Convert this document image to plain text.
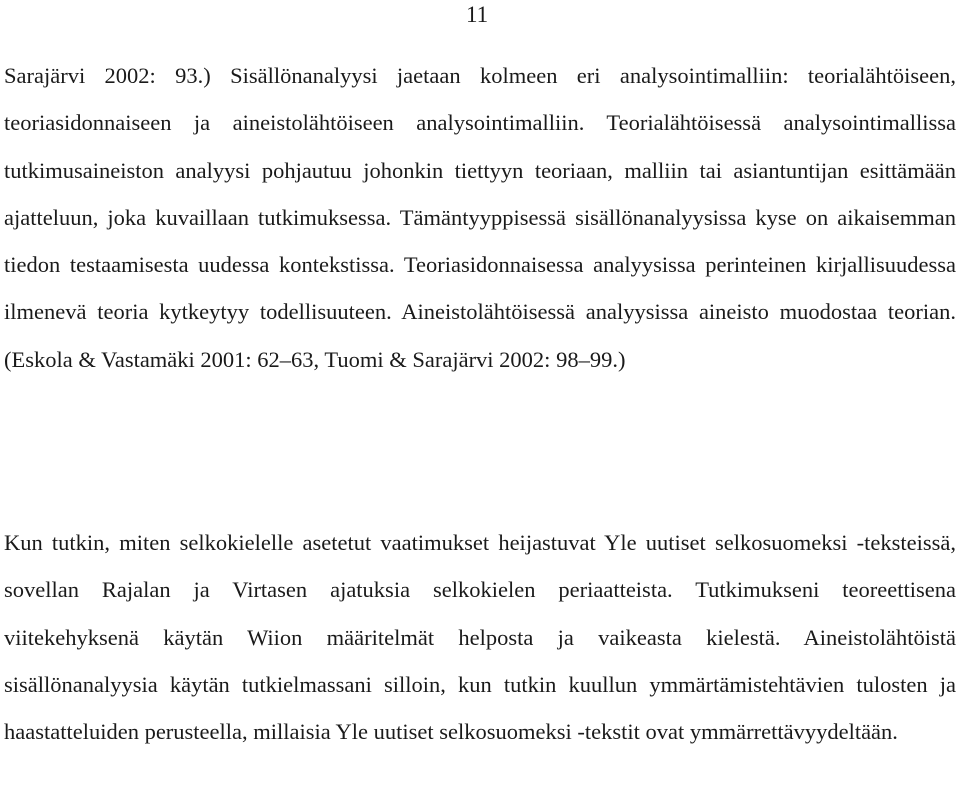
11

Sarajärvi 2002: 93.) Sisällönanalyysi jaetaan kolmeen eri analysointimalliin: teorialähtöiseen, teoriasidonnaiseen ja aineistolähtöiseen analysointimalliin. Teorialähtöisessä analysointimallissa tutkimusaineiston analyysi pohjautuu johonkin tiettyyn teoriaan, malliin tai asiantuntijan esittämään ajatteluun, joka kuvaillaan tutkimuksessa. Tämäntyyppisessä sisällönanalyysissa kyse on aikaisemman tiedon testaamisesta uudessa kontekstissa. Teoriasidonnaisessa analyysissa perinteinen kirjallisuudessa ilmenevä teoria kytkeytyy todellisuuteen. Aineistolähtöisessä analyysissa aineisto muodostaa teorian. (Eskola & Vastamäki 2001: 62–63, Tuomi & Sarajärvi 2002: 98–99.)

Kun tutkin, miten selkokielelle asetetut vaatimukset heijastuvat Yle uutiset selkosuomeksi -teksteissä, sovellan Rajalan ja Virtasen ajatuksia selkokielen periaatteista. Tutkimukseni teoreettisena viitekehyksenä käytän Wiion määritelmät helposta ja vaikeasta kielestä. Aineistolähtöistä sisällönanalyysia käytän tutkielmassani silloin, kun tutkin kuullun ymmärtämistehtävien tulosten ja haastatteluiden perusteella, millaisia Yle uutiset selkosuomeksi -tekstit ovat ymmärrettävyydeltään.
